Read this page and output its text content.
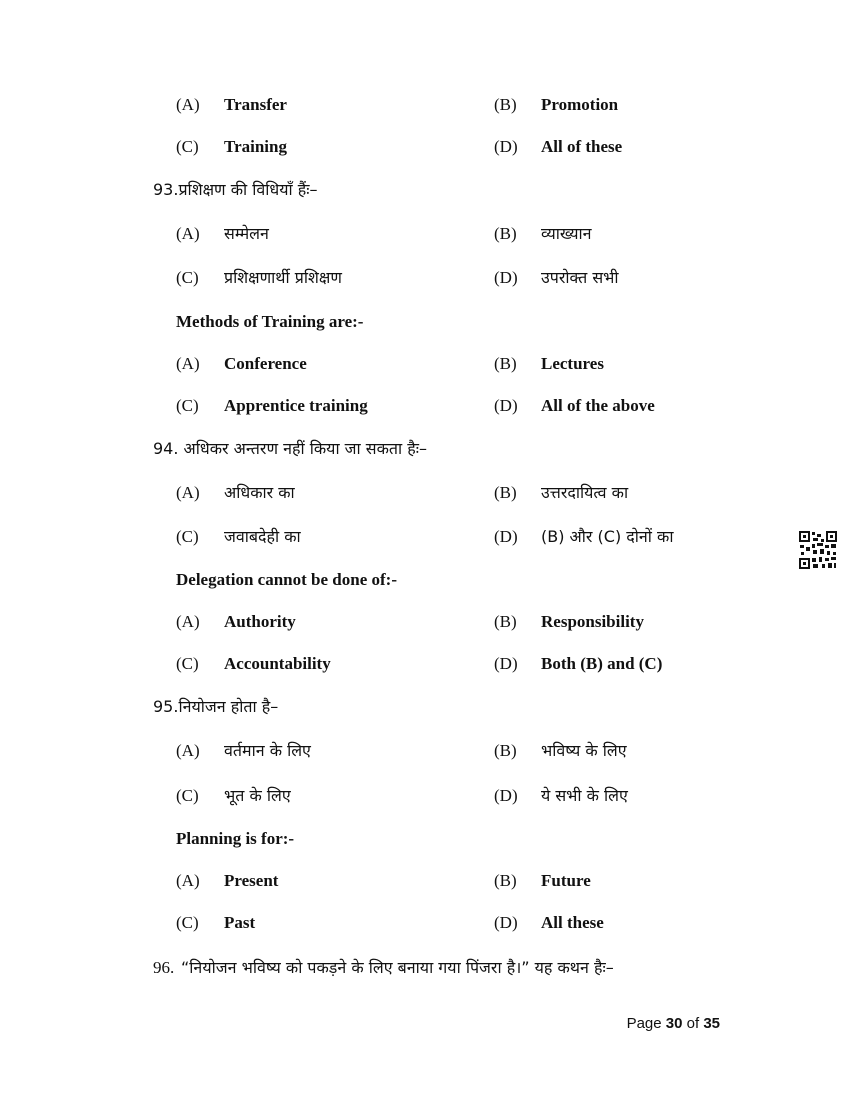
(A) Transfer	(B) Promotion
(C) Training	(D) All of these
93.प्रशिक्षण की विधियाँ हैंः–
(A) सम्मेलन	(B) व्याख्यान
(C) प्रशिक्षणार्थी प्रशिक्षण	(D) उपरोक्त सभी
Methods of Training are:-
(A) Conference	(B) Lectures
(C) Apprentice training	(D) All of the above
94. अधिकर अन्तरण नहीं किया जा सकता हैः–
(A) अधिकार का	(B) उत्तरदायित्व का
(C) जवाबदेही का	(D) (B) और (C) दोनों का
Delegation cannot be done of:-
(A) Authority	(B) Responsibility
(C) Accountability	(D) Both (B) and (C)
95.नियोजन होता है–
(A) वर्तमान के लिए	(B) भविष्य के लिए
(C) भूत के लिए	(D) ये सभी के लिए
Planning is for:-
(A) Present	(B) Future
(C) Past	(D) All these
96. “नियोजन भविष्य को पकड़ने के लिए बनाया गया पिंजरा है।” यह कथन हैः–
Page 30 of 35
